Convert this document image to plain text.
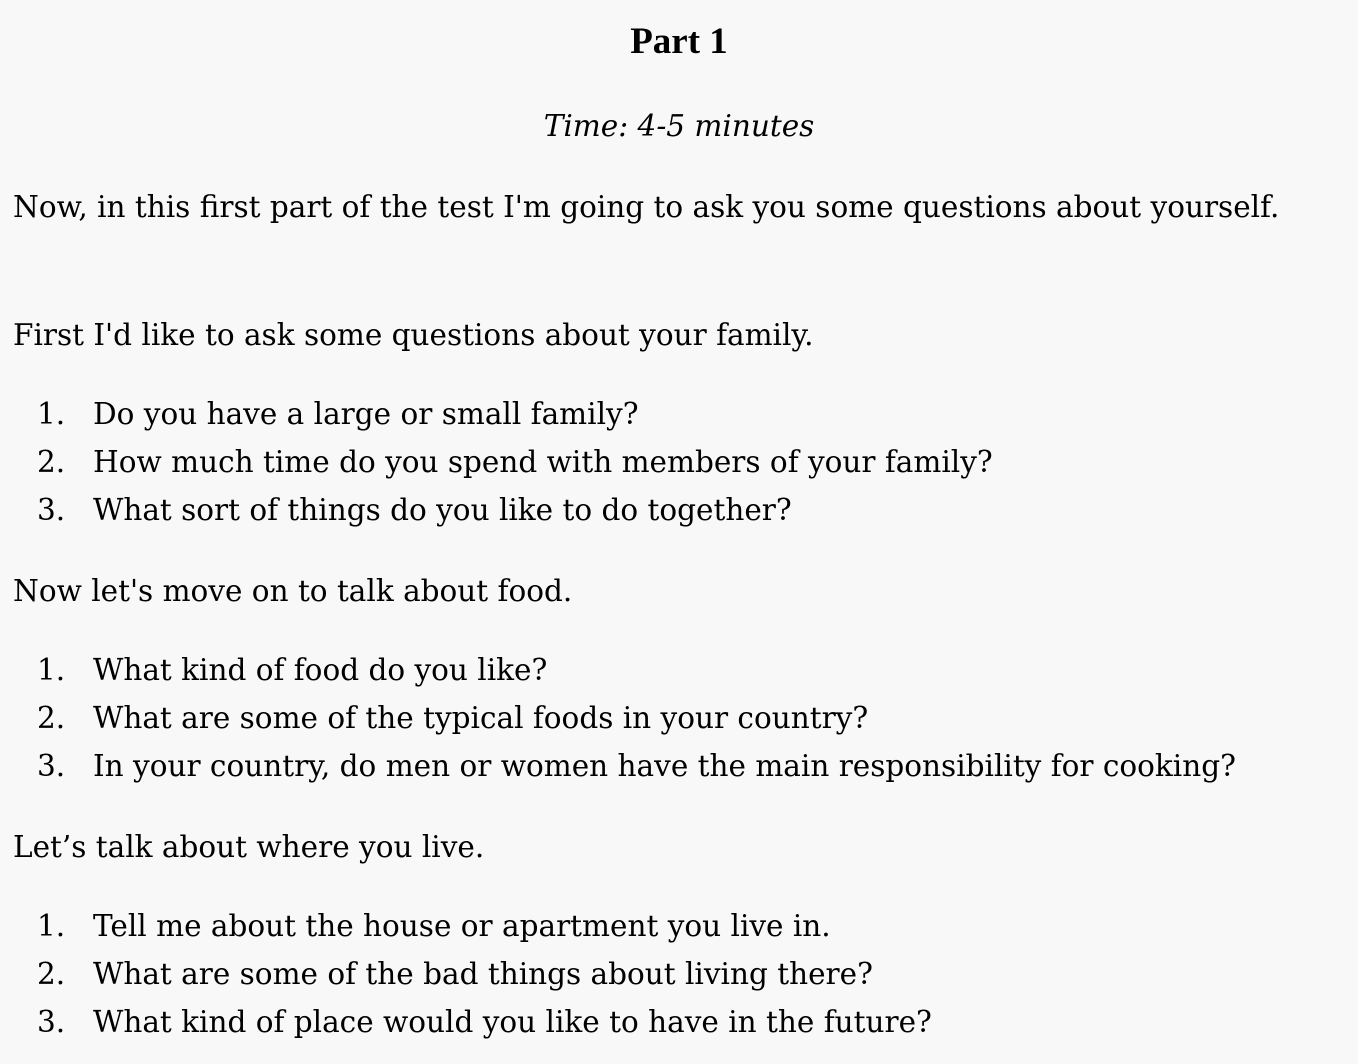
Part 1

Time: 4-5 minutes

Now, in this first part of the test I'm going to ask you some questions about yourself.

First I'd like to ask some questions about your family.

1. Do you have a large or small family?
2. How much time do you spend with members of your family?
3. What sort of things do you like to do together?

Now let's move on to talk about food.

1. What kind of food do you like?
2. What are some of the typical foods in your country?
3. In your country, do men or women have the main responsibility for cooking?

Let’s talk about where you live.

1. Tell me about the house or apartment you live in.
2. What are some of the bad things about living there?
3. What kind of place would you like to have in the future?
